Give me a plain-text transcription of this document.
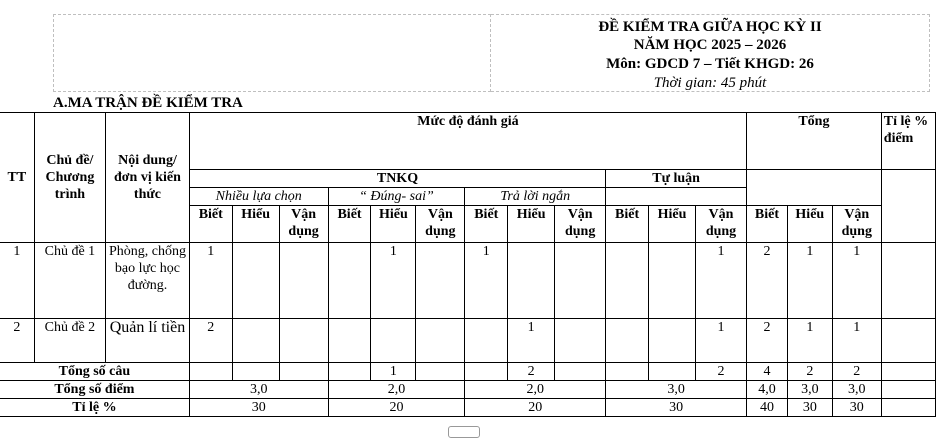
ĐỀ KIỂM TRA GIỮA HỌC KỲ II
NĂM HỌC 2025 – 2026
Môn: GDCD 7 – Tiết KHGD: 26
Thời gian: 45 phút
A.MA TRẬN ĐỀ KIỂM TRA
TT	Chủ đề/ Chương trình	Nội dung/đơn vị kiến thức	Mức độ đánh giá												Tổng			Tỉ lệ % điểm
			TNKQ									Tự luận						
			Nhiều lựa chọn			“ Đúng- sai”			Trả lời ngắn									
			Biết	Hiểu	Vận dụng	Biết	Hiểu	Vận dụng	Biết	Hiểu	Vận dụng	Biết	Hiểu	Vận dụng	Biết	Hiểu	Vận dụng	
1	Chủ đề 1	Phòng, chống bạo lực học đường.	1				1		1					1	2	1	1	
2	Chủ đề 2	Quản lí tiền	2							1				1	2	1	1	
Tổng số câu							1			2				2	4	2	2	
Tổng số điểm			3,0			2,0			2,0			3,0			4,0	3,0	3,0	
Tỉ lệ %			30			20			20			30			40	30	30	
